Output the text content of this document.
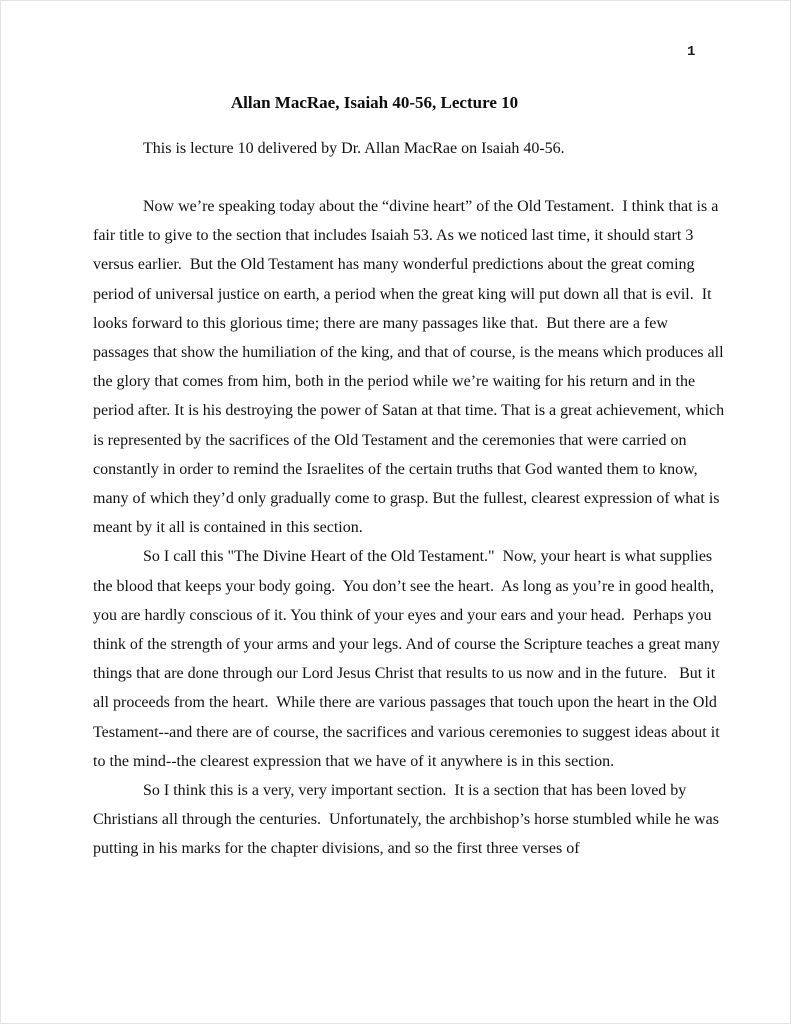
1
Allan MacRae, Isaiah 40-56, Lecture 10

This is lecture 10 delivered by Dr. Allan MacRae on Isaiah 40-56.

Now we’re speaking today about the “divine heart” of the Old Testament.  I think that is a fair title to give to the section that includes Isaiah 53. As we noticed last time, it should start 3 versus earlier.  But the Old Testament has many wonderful predictions about the great coming period of universal justice on earth, a period when the great king will put down all that is evil.  It looks forward to this glorious time; there are many passages like that.  But there are a few passages that show the humiliation of the king, and that of course, is the means which produces all the glory that comes from him, both in the period while we’re waiting for his return and in the period after. It is his destroying the power of Satan at that time. That is a great achievement, which is represented by the sacrifices of the Old Testament and the ceremonies that were carried on constantly in order to remind the Israelites of the certain truths that God wanted them to know, many of which they’d only gradually come to grasp. But the fullest, clearest expression of what is meant by it all is contained in this section.

So I call this "The Divine Heart of the Old Testament."  Now, your heart is what supplies the blood that keeps your body going.  You don’t see the heart.  As long as you’re in good health, you are hardly conscious of it. You think of your eyes and your ears and your head.  Perhaps you think of the strength of your arms and your legs. And of course the Scripture teaches a great many things that are done through our Lord Jesus Christ that results to us now and in the future.   But it all proceeds from the heart.  While there are various passages that touch upon the heart in the Old Testament--and there are of course, the sacrifices and various ceremonies to suggest ideas about it to the mind--the clearest expression that we have of it anywhere is in this section.

So I think this is a very, very important section.  It is a section that has been loved by Christians all through the centuries.  Unfortunately, the archbishop’s horse stumbled while he was putting in his marks for the chapter divisions, and so the first three verses of
